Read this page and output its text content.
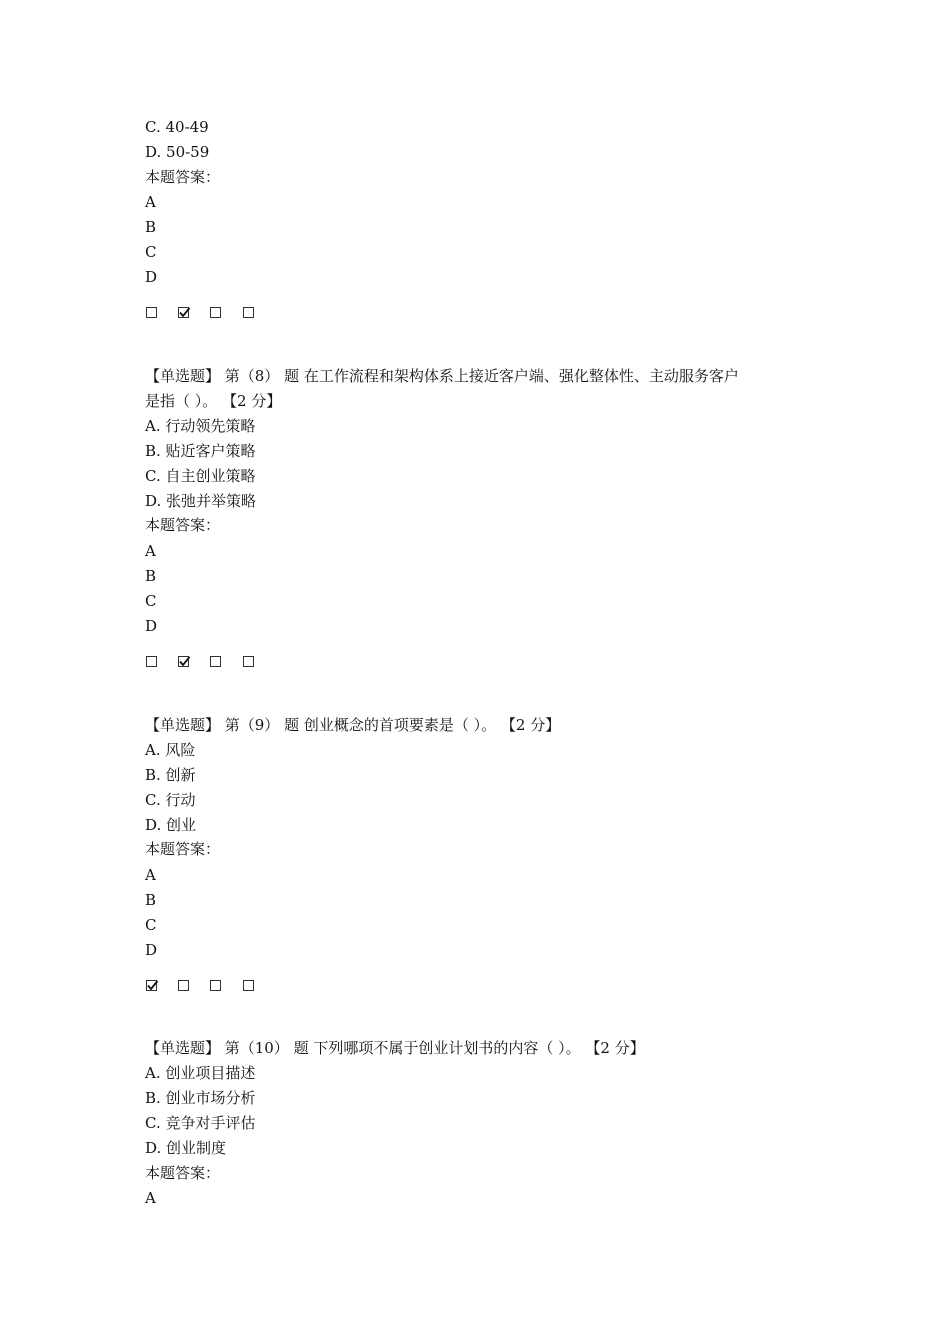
C. 40-49
D. 50-59
本题答案：
A
B
C
D
【单选题】 第（8） 题 在工作流程和架构体系上接近客户端、强化整体性、主动服务客户
是指（ ）。 【2 分】
A. 行动领先策略
B. 贴近客户策略
C. 自主创业策略
D. 张弛并举策略
本题答案：
A
B
C
D
【单选题】 第（9） 题 创业概念的首项要素是（ ）。 【2 分】
A. 风险
B. 创新
C. 行动
D. 创业
本题答案：
A
B
C
D
【单选题】 第（10） 题 下列哪项不属于创业计划书的内容（ ）。 【2 分】
A. 创业项目描述
B. 创业市场分析
C. 竞争对手评估
D. 创业制度
本题答案：
A
